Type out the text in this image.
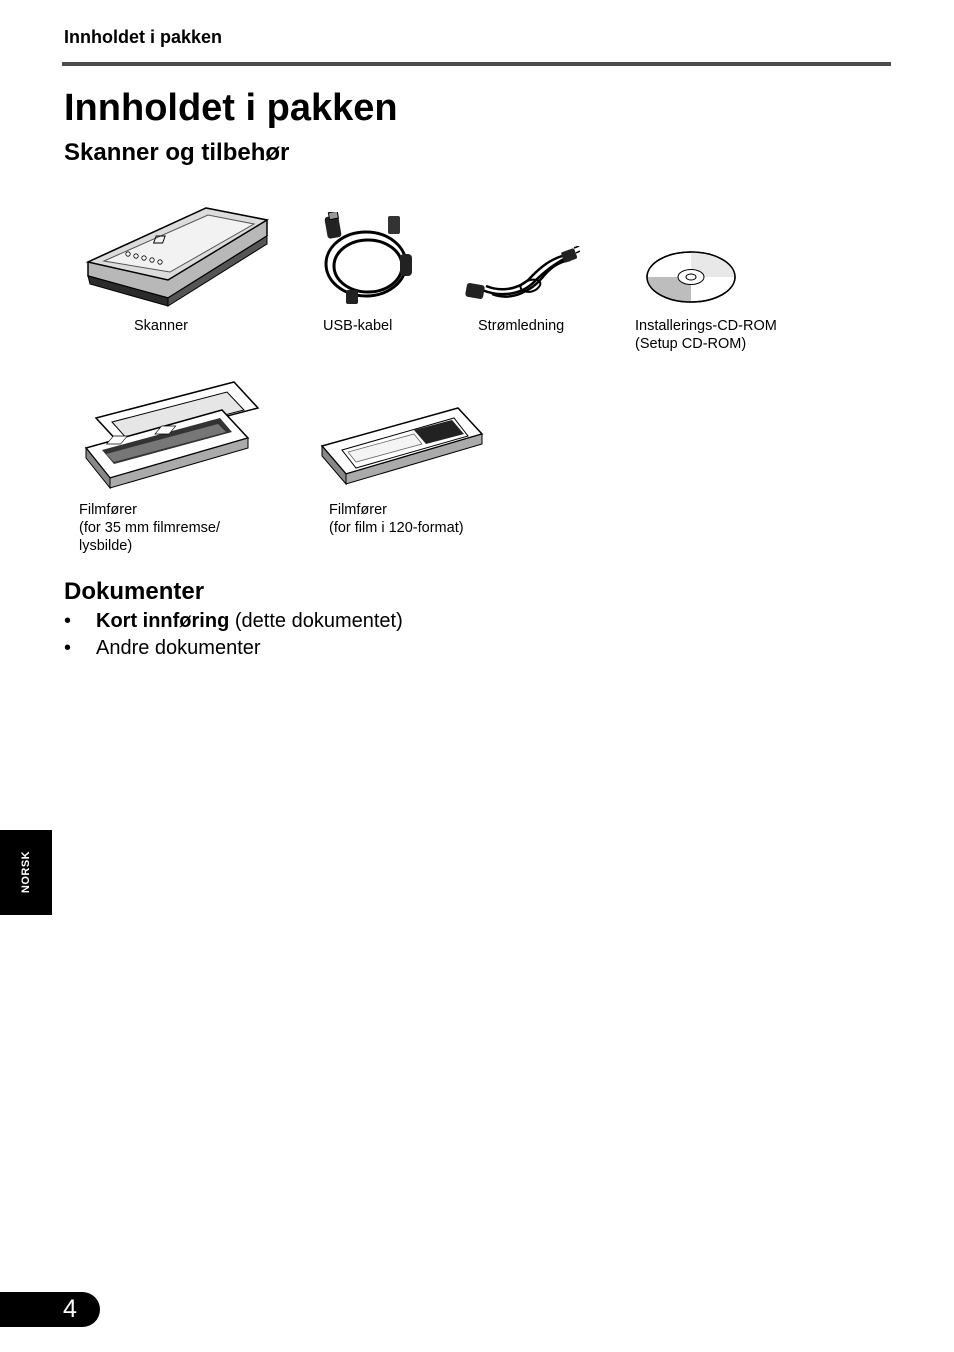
Innholdet i pakken
Innholdet i pakken
Skanner og tilbehør
Skanner	USB-kabel	Strømledning	Installerings-CD-ROM
(Setup CD-ROM)
Filmfører
(for 35 mm filmremse/
lysbilde)
Filmfører
(for film i 120-format)
Dokumenter
• Kort innføring (dette dokumentet)
• Andre dokumenter
NORSK
4
